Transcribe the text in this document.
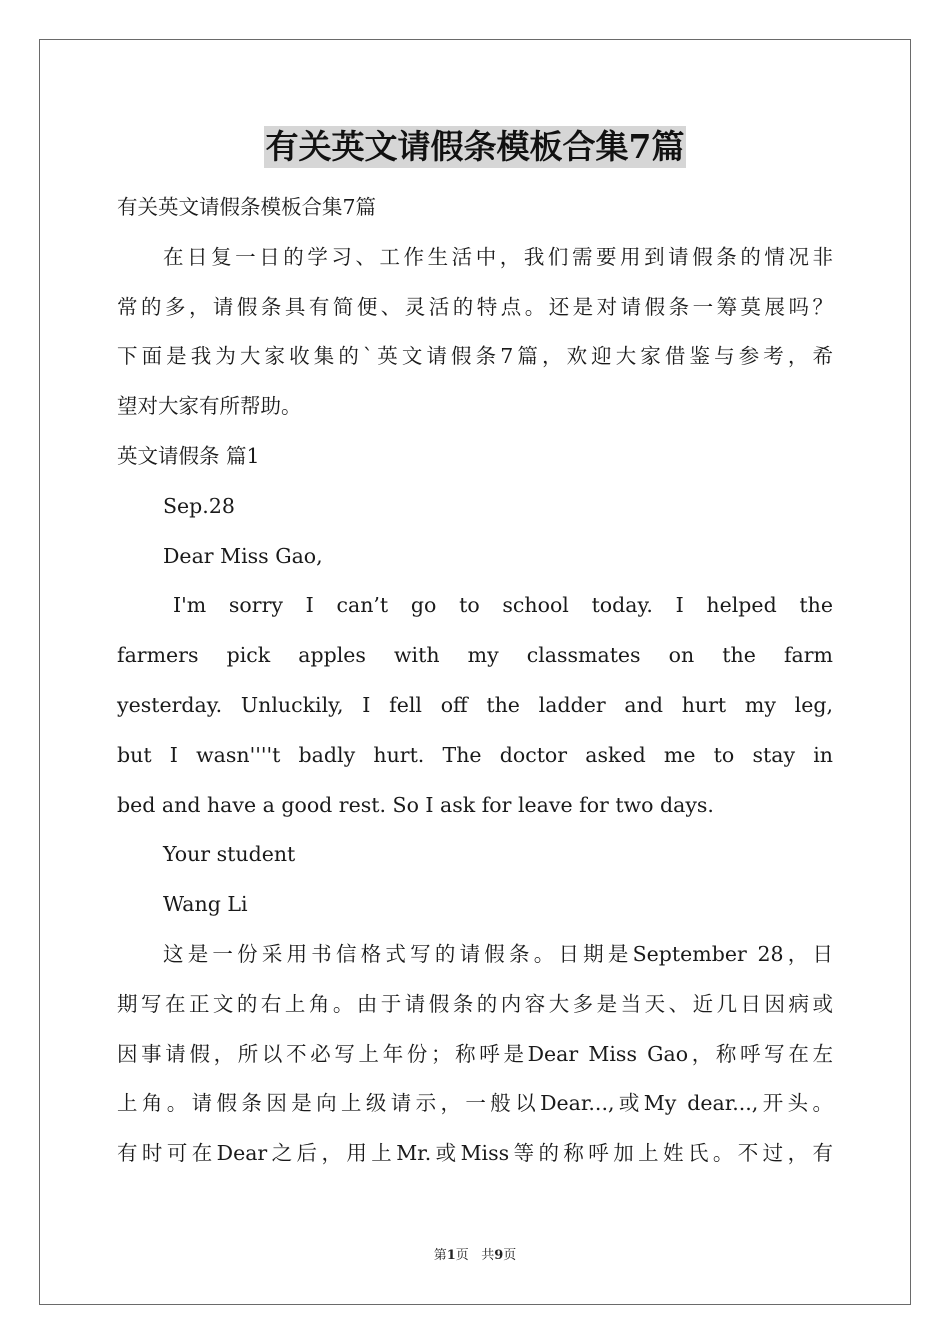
有关英文请假条模板合集7篇
有关英文请假条模板合集7篇
在日复一日的学习、工作生活中，我们需要用到请假条的情况非
常的多，请假条具有简便、灵活的特点。还是对请假条一筹莫展吗？
下面是我为大家收集的`英文请假条7篇，欢迎大家借鉴与参考，希
望对大家有所帮助。
英文请假条 篇1
Sep.28
Dear Miss Gao,
I'm sorry I can’t go to school today. I helped the
farmers pick apples with my classmates on the farm
yesterday. Unluckily, I fell off the ladder and hurt my leg,
but I wasn''''t badly hurt. The doctor asked me to stay in
bed and have a good rest. So I ask for leave for two days.
Your student
Wang Li
这是一份采用书信格式写的请假条。日期是September 28，日
期写在正文的右上角。由于请假条的内容大多是当天、近几日因病或
因事请假，所以不必写上年份；称呼是Dear Miss Gao，称呼写在左
上角。请假条因是向上级请示，一般以Dear...,或My dear...,开头。
有时可在Dear之后，用上Mr.或Miss等的称呼加上姓氏。不过，有
第1页 共9页
